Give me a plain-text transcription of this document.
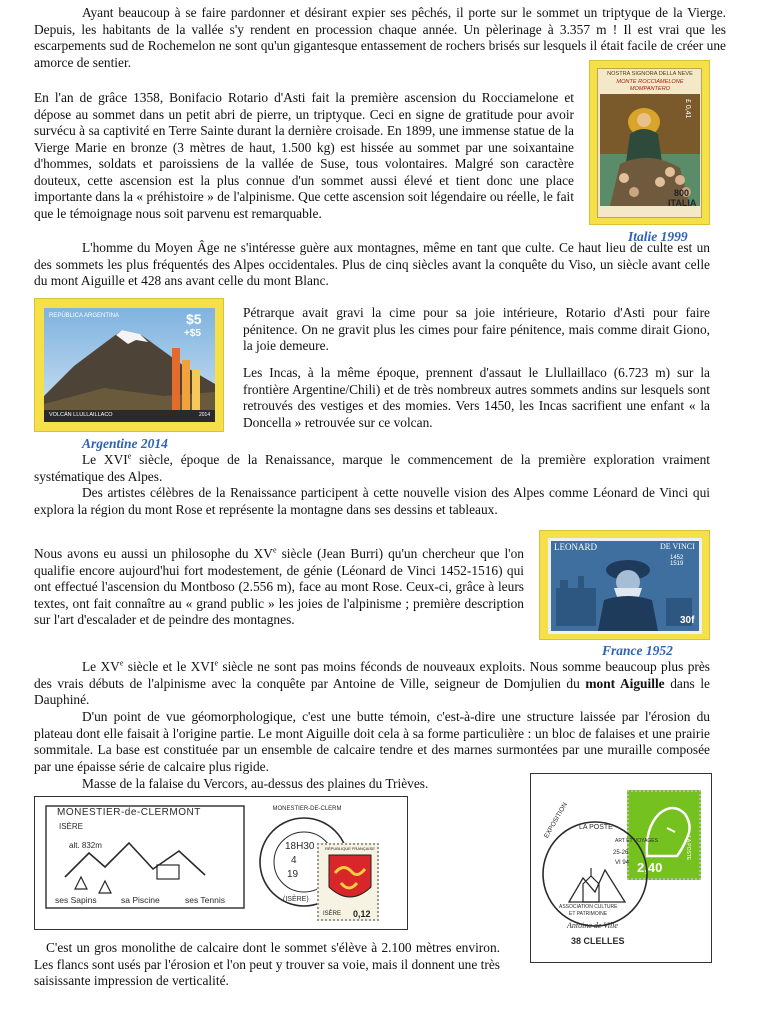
Ayant beaucoup à se faire pardonner et désirant expier ses pêchés, il porte sur le sommet un triptyque de la Vierge. Depuis, les habitants de la vallée s'y rendent en procession chaque année. Un pèlerinage à 3.357 m ! Il est vrai que les escarpements sud de Rochemelon ne sont qu'un gigantesque entassement de rochers brisés sur lesquels il était facile de créer une amorce de sentier.
En l'an de grâce 1358, Bonifacio Rotario d'Asti fait la première ascension du Rocciamelone et dépose au sommet dans un petit abri de pierre, un triptyque. Ceci en signe de gratitude pour avoir survécu à sa captivité en Terre Sainte durant la dernière croisade. En 1899, une immense statue de la Vierge Marie en bronze (3 mètres de haut, 1.500 kg) est hissée au sommet par une soixantaine d'hommes, soldats et paroissiens de la vallée de Suse, tous volontaires. Malgré son caractère douteux, cette ascension est la plus connue d'un sommet aussi élevé et tient donc une place importante dans la « préhistoire » de l'alpinisme. Que cette ascension soit légendaire ou réelle, le fait que le témoignage nous soit parvenu est remarquable.
NOSTRA SIGNORA DELLA NEVE
MONTE ROCCIAMELONE
MOMPANTERO
£ 0,41
800
ITALIA
Italie 1999
L'homme du Moyen Âge ne s'intéresse guère aux montagnes, même en tant que culte. Ce haut lieu de culte est un des sommets les plus fréquentés des Alpes occidentales. Plus de cinq siècles avant la conquête du Viso, un siècle avant celle du mont Aiguille et 428 ans avant celle du mont Blanc.
REPÚBLICA ARGENTINA	$5
+$5
VOLCÁN LLULLAILLACO	2014
Argentine 2014
Pétrarque avait gravi la cime pour sa joie intérieure, Rotario d'Asti pour faire pénitence. On ne gravit plus les cimes pour faire pénitence, mais comme dirait Giono, la joie demeure.
Les Incas, à la même époque, prennent d'assaut le Llullaillaco (6.723 m) sur la frontière Argentine/Chili) et de très nombreux autres sommets andins sur lesquels sont retrouvés des vestiges et des momies. Vers 1450, les Incas sacrifient une enfant « la Doncella » retrouvée sur ce volcan.
Le XVIe siècle, époque de la Renaissance, marque le commencement de la première exploration vraiment systématique des Alpes.
Des artistes célèbres de la Renaissance participent à cette nouvelle vision des Alpes comme Léonard de Vinci qui explora la région du mont Rose et représente la montagne dans ses dessins et tableaux.
Nous avons eu aussi un philosophe du XVe siècle (Jean Burri) qu'un chercheur que l'on qualifie encore aujourd'hui fort modestement, de génie (Léonard de Vinci 1452-1516) qui ont effectué l'ascension du Montboso (2.556 m), face au mont Rose. Ceux-ci, grâce à leurs textes, ont fait connaître au « grand public » les joies de l'alpinisme ; première description sur l'art d'escalader et de peindre des montagnes.
LEONARD	DE VINCI
1452 1519
30f
France 1952
Le XVe siècle et le XVIe siècle ne sont pas moins féconds de nouveaux exploits. Nous somme beaucoup plus près des vrais débuts de l'alpinisme avec la conquête par Antoine de Ville, seigneur de Domjulien du mont Aiguille dans le Dauphiné.
D'un point de vue géomorphologique, c'est une butte témoin, c'est-à-dire une structure laissée par l'érosion du plateau dont elle faisait à l'origine partie. Le mont Aiguille doit cela à sa forme particulière : un bloc de falaises et une prairie sommitale. La base est constituée par un ensemble de calcaire tendre et des marnes surmontées par une muraille composée par une épaisse série de calcaire plus rigide.
Masse de la falaise du Vercors, au-dessus des plaines du Trièves.
MONESTIER-de-CLERMONT
ISÈRE
alt. 832m
ses Sapins	sa Piscine	ses Tennis
MONESTIER-DE-CLERM
18H30
4
19
(ISÈRE)
RÉPUBLIQUE FRANÇAISE
ISÈRE 0,12
2,40
LA POSTE
EXPOSITION LA POSTE
ART ET VOYAGES
25-26
VI 94
ASSOCIATION CULTURE
ET PATRIMOINE
Antoine de Ville
38 CLELLES
C'est un gros monolithe de calcaire dont le sommet s'élève à 2.100 mètres environ. Les flancs sont usés par l'érosion et l'on peut y trouver sa voie, mais il donnent une très saisissante impression de verticalité.
